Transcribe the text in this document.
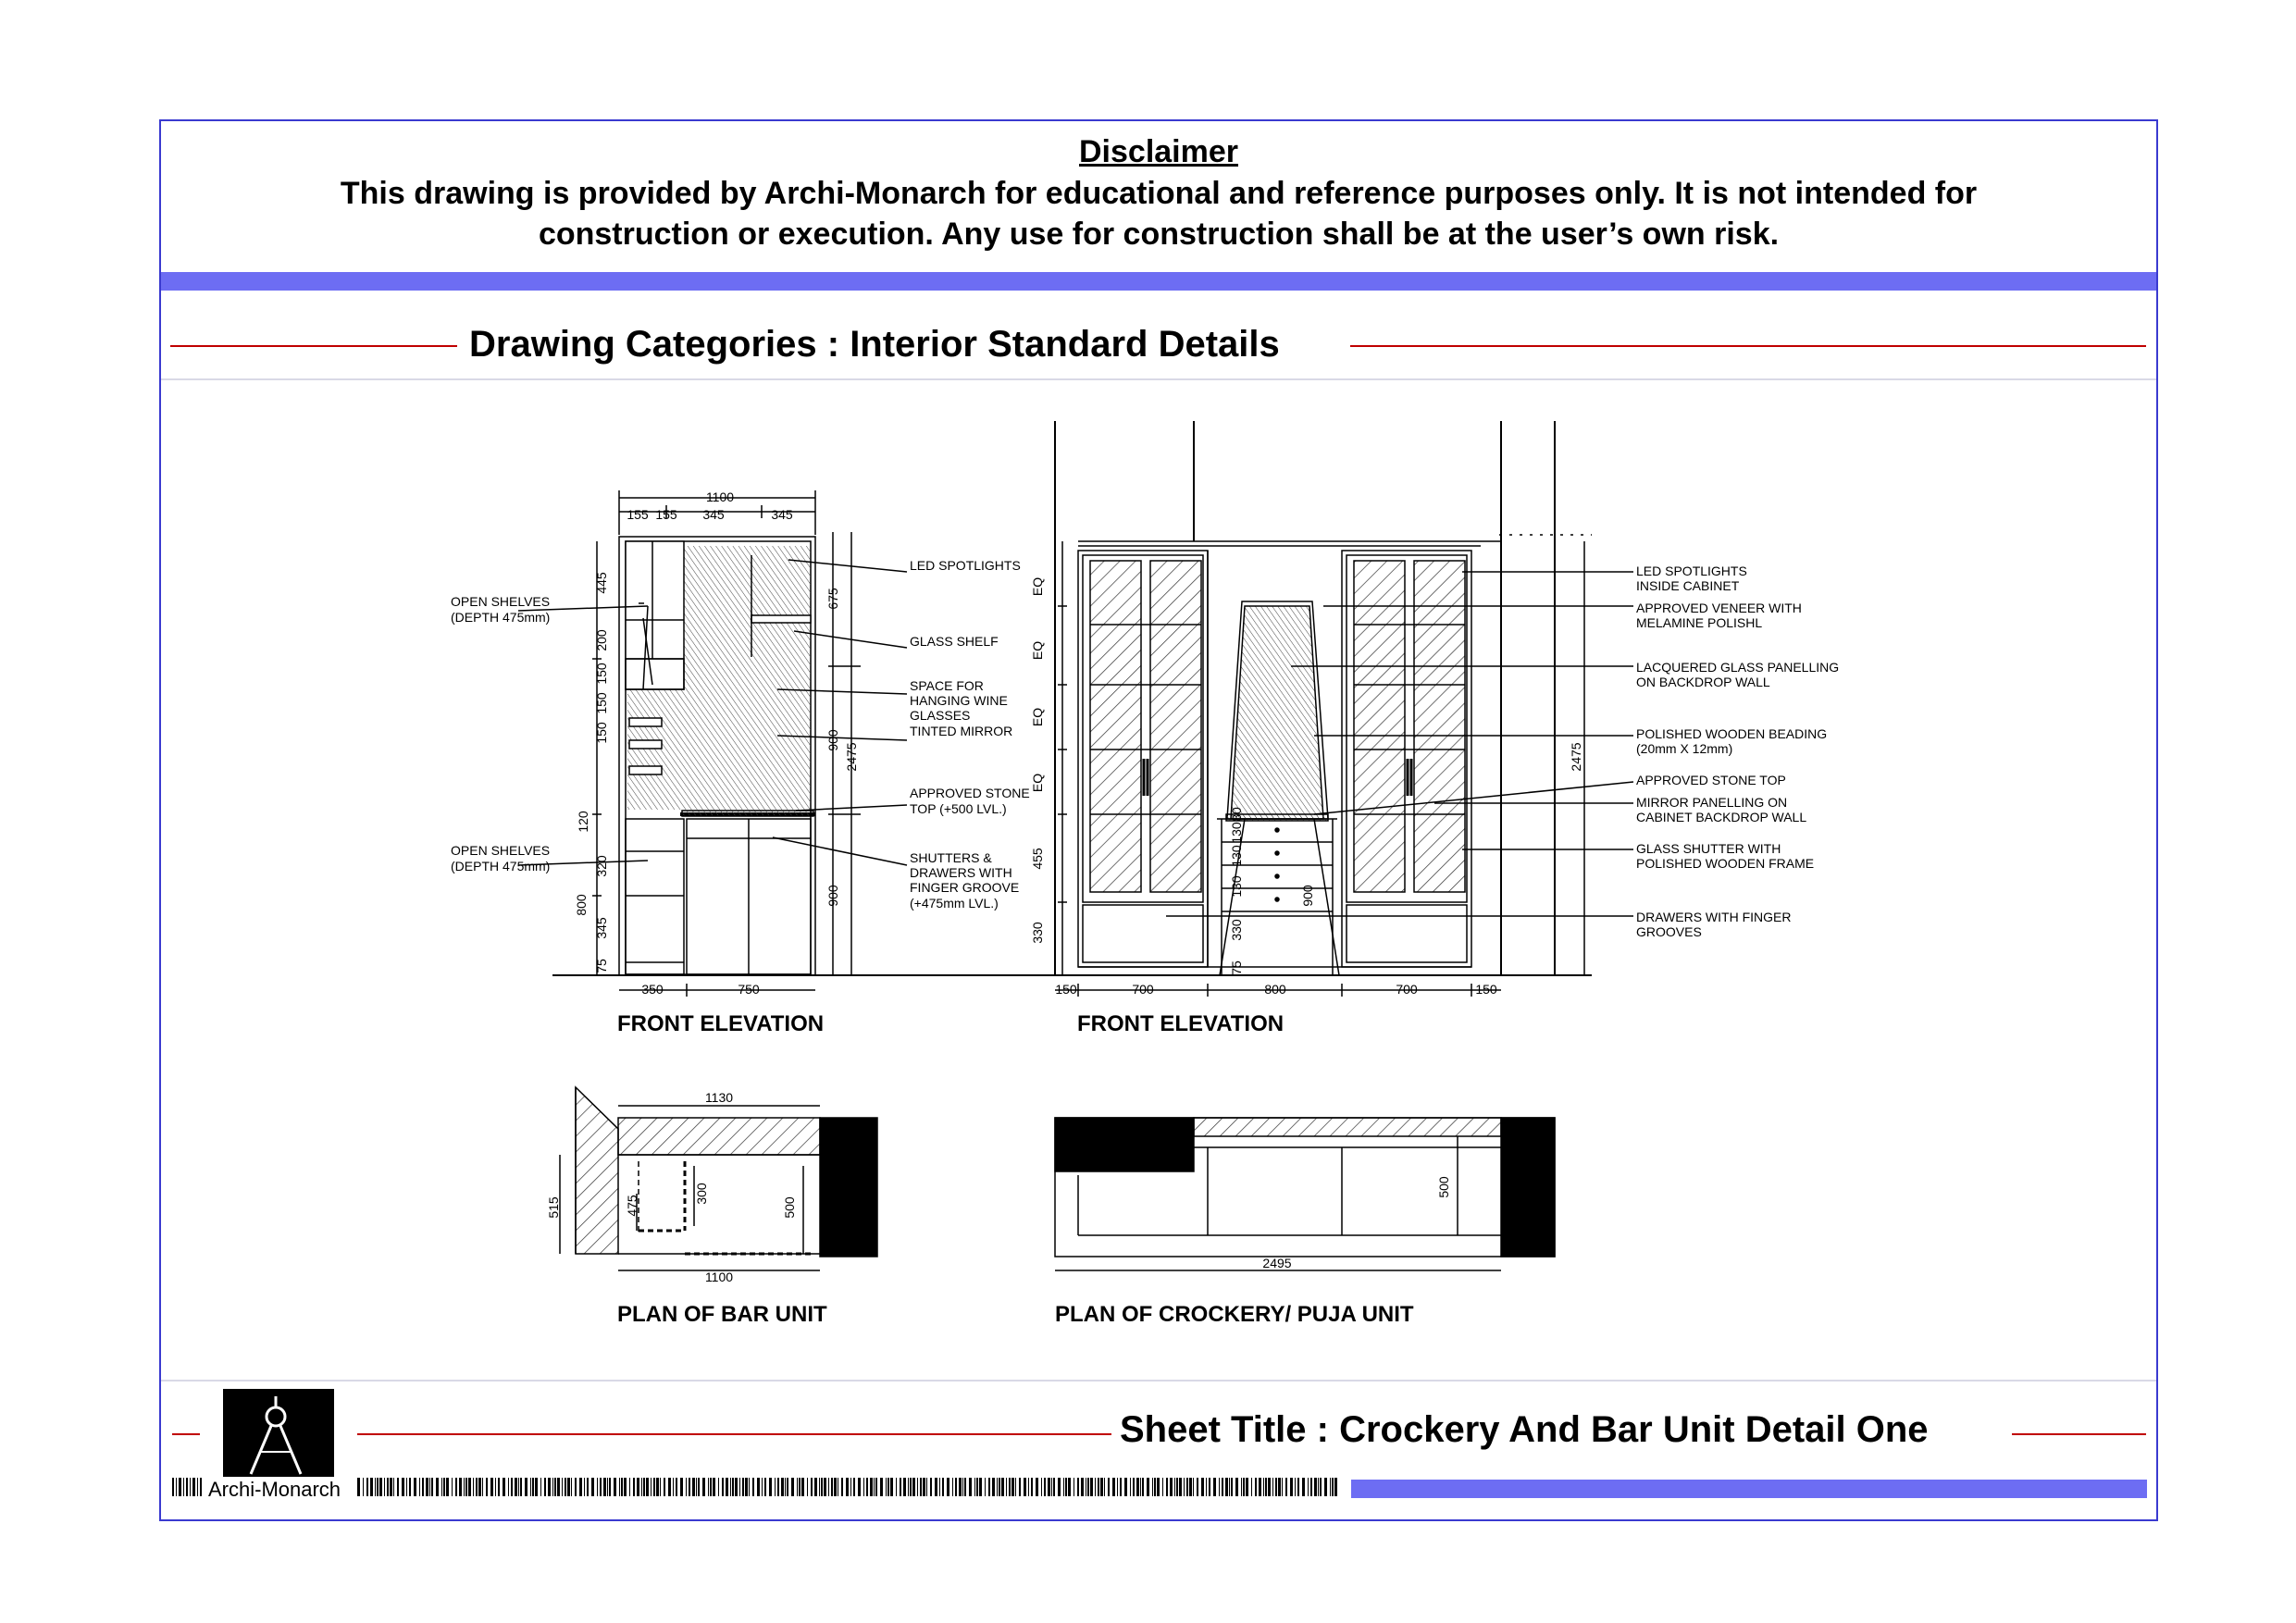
Disclaimer
This drawing is provided by Archi-Monarch for educational and reference purposes only. It is not intended for
construction or execution. Any use for construction shall be at the user’s own risk.
Drawing Categories : Interior Standard Details
Sheet Title : Crockery And Bar Unit Detail One
Archi-Monarch
1100
155 155 345	345
350	750
675
900
2475
900
445
200
150
150
150
120
320
345
75
800
OPEN SHELVES
(DEPTH 475mm)
OPEN SHELVES
(DEPTH 475mm)
LED SPOTLIGHTS
GLASS SHELF
SPACE FOR
HANGING WINE
GLASSES
TINTED MIRROR
APPROVED STONE
TOP (+500 LVL.)
SHUTTERS &
DRAWERS WITH
FINGER GROOVE
(+475mm LVL.)
FRONT ELEVATION
150	700	800	700	150
EQ
EQ
EQ
EQ
455
330
2475
900
330
130
130
130
75
80
LED SPOTLIGHTS
INSIDE CABINET
APPROVED VENEER WITH
MELAMINE POLISHL
LACQUERED GLASS PANELLING
ON BACKDROP WALL
POLISHED WOODEN BEADING
(20mm X 12mm)
APPROVED STONE TOP
MIRROR PANELLING ON
CABINET BACKDROP WALL
GLASS SHUTTER WITH
POLISHED WOODEN FRAME
DRAWERS WITH FINGER
GROOVES
FRONT ELEVATION
1130
1100
515
300
500
475
PLAN OF BAR UNIT
2495
500
PLAN OF CROCKERY/ PUJA UNIT
